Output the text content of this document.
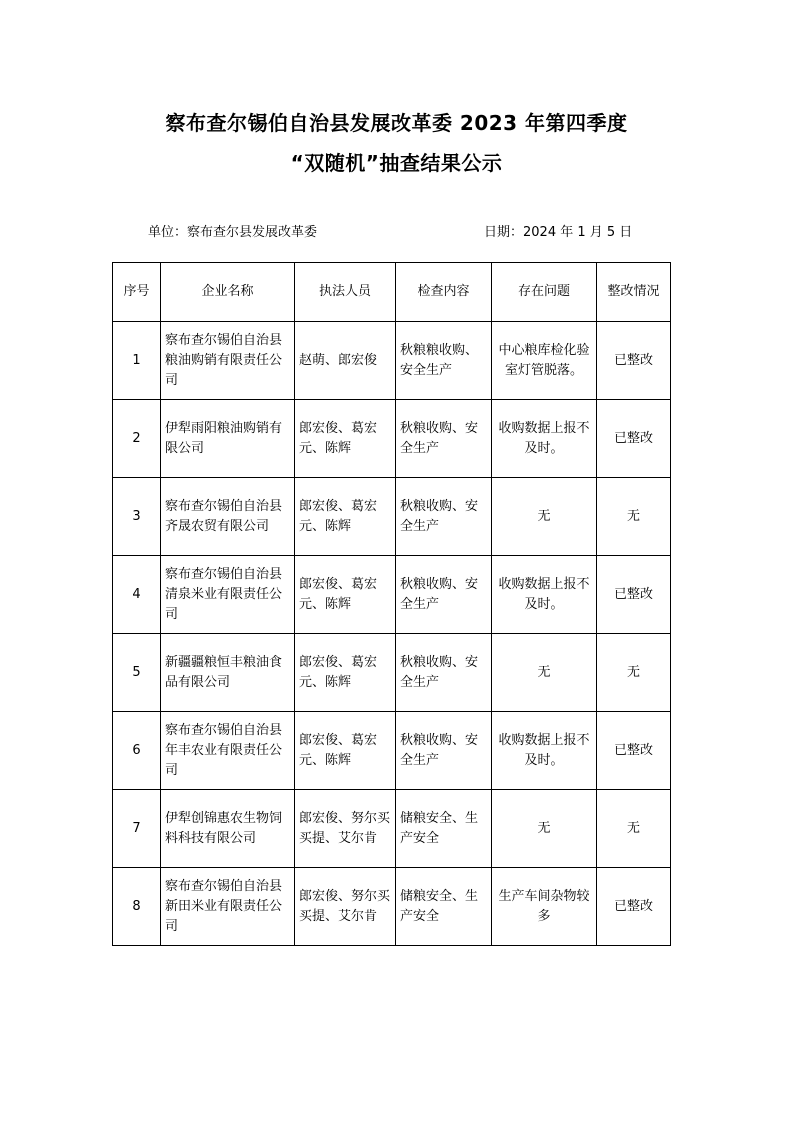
察布查尔锡伯自治县发展改革委 2023 年第四季度
“双随机”抽查结果公示
单位：察布查尔县发展改革委	日期：2024 年 1 月 5 日
序号	企业名称	执法人员	检查内容	存在问题	整改情况
1	察布查尔锡伯自治县粮油购销有限责任公司	赵萌、郎宏俊	秋粮粮收购、安全生产	中心粮库检化验室灯管脱落。	已整改
2	伊犁雨阳粮油购销有限公司	郎宏俊、葛宏元、陈辉	秋粮收购、安全生产	收购数据上报不及时。	已整改
3	察布查尔锡伯自治县齐晟农贸有限公司	郎宏俊、葛宏元、陈辉	秋粮收购、安全生产	无	无
4	察布查尔锡伯自治县清泉米业有限责任公司	郎宏俊、葛宏元、陈辉	秋粮收购、安全生产	收购数据上报不及时。	已整改
5	新疆疆粮恒丰粮油食品有限公司	郎宏俊、葛宏元、陈辉	秋粮收购、安全生产	无	无
6	察布查尔锡伯自治县年丰农业有限责任公司	郎宏俊、葛宏元、陈辉	秋粮收购、安全生产	收购数据上报不及时。	已整改
7	伊犁创锦惠农生物饲料科技有限公司	郎宏俊、努尔买买提、艾尔肯	储粮安全、生产安全	无	无
8	察布查尔锡伯自治县新田米业有限责任公司	郎宏俊、努尔买买提、艾尔肯	储粮安全、生产安全	生产车间杂物较多	已整改
